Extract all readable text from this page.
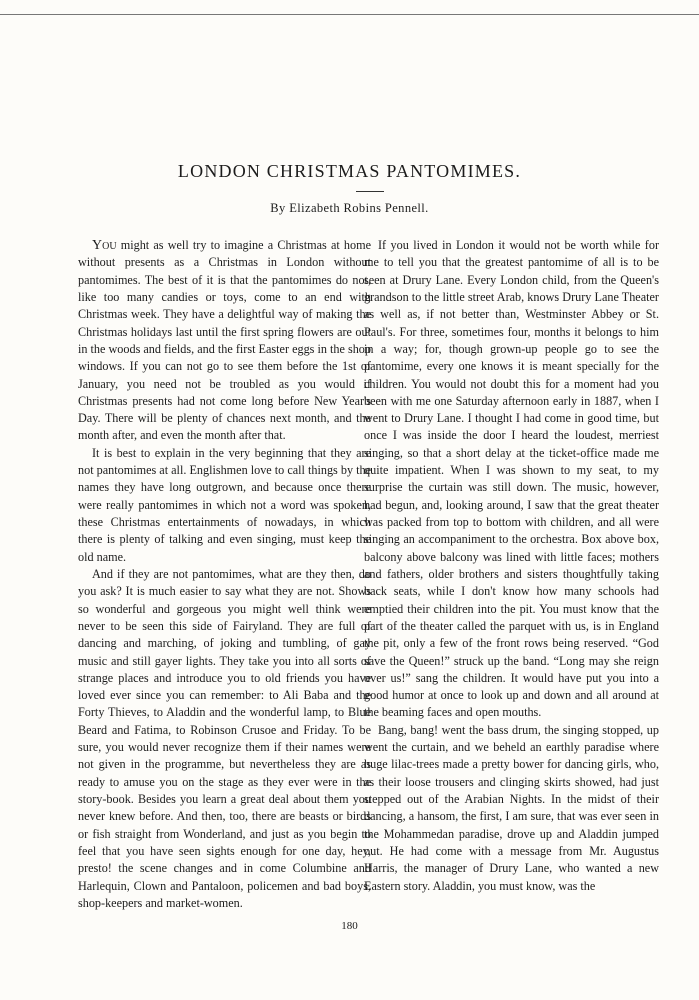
LONDON CHRISTMAS PANTOMIMES.
By Elizabeth Robins Pennell.

You might as well try to imagine a Christmas at home without presents as a Christmas in London without pantomimes. The best of it is that the pantomimes do not, like too many candies or toys, come to an end with Christmas week. They have a delightful way of making the Christmas holidays last until the first spring flowers are out in the woods and fields, and the first Easter eggs in the shop windows. If you can not go to see them before the 1st of January, you need not be troubled as you would if Christmas presents had not come long before New Year's Day. There will be plenty of chances next month, and the month after, and even the month after that.

It is best to explain in the very beginning that they are not pantomimes at all. Englishmen love to call things by the names they have long outgrown, and because once there were really pantomimes in which not a word was spoken, these Christmas entertainments of nowadays, in which there is plenty of talking and even singing, must keep the old name.

And if they are not pantomimes, what are they then, do you ask? It is much easier to say what they are not. Shows so wonderful and gorgeous you might well think were never to be seen this side of Fairyland. They are full of dancing and marching, of joking and tumbling, of gay music and still gayer lights. They take you into all sorts of strange places and introduce you to old friends you have loved ever since you can remember: to Ali Baba and the Forty Thieves, to Aladdin and the wonderful lamp, to Blue Beard and Fatima, to Robinson Crusoe and Friday. To be sure, you would never recognize them if their names were not given in the programme, but nevertheless they are as ready to amuse you on the stage as they ever were in the story-book. Besides you learn a great deal about them you never knew before. And then, too, there are beasts or birds or fish straight from Wonderland, and just as you begin to feel that you have seen sights enough for one day, hey, presto! the scene changes and in come Columbine and Harlequin, Clown and Pantaloon, policemen and bad boys, shop-keepers and market-women.

If you lived in London it would not be worth while for me to tell you that the greatest pantomime of all is to be seen at Drury Lane. Every London child, from the Queen's grandson to the little street Arab, knows Drury Lane Theater as well as, if not better than, Westminster Abbey or St. Paul's. For three, sometimes four, months it belongs to him in a way; for, though grown-up people go to see the pantomime, every one knows it is meant specially for the children. You would not doubt this for a moment had you been with me one Saturday afternoon early in 1887, when I went to Drury Lane. I thought I had come in good time, but once I was inside the door I heard the loudest, merriest singing, so that a short delay at the ticket-office made me quite impatient. When I was shown to my seat, to my surprise the curtain was still down. The music, however, had begun, and, looking around, I saw that the great theater was packed from top to bottom with children, and all were singing an accompaniment to the orchestra. Box above box, balcony above balcony was lined with little faces; mothers and fathers, older brothers and sisters thoughtfully taking back seats, while I don't know how many schools had emptied their children into the pit. You must know that the part of the theater called the parquet with us, is in England the pit, only a few of the front rows being reserved. “God save the Queen!” struck up the band. “Long may she reign over us!” sang the children. It would have put you into a good humor at once to look up and down and all around at the beaming faces and open mouths.

Bang, bang! went the bass drum, the singing stopped, up went the curtain, and we beheld an earthly paradise where huge lilac-trees made a pretty bower for dancing girls, who, as their loose trousers and clinging skirts showed, had just stepped out of the Arabian Nights. In the midst of their dancing, a hansom, the first, I am sure, that was ever seen in the Mohammedan paradise, drove up and Aladdin jumped out. He had come with a message from Mr. Augustus Harris, the manager of Drury Lane, who wanted a new Eastern story. Aladdin, you must know, was the

180
